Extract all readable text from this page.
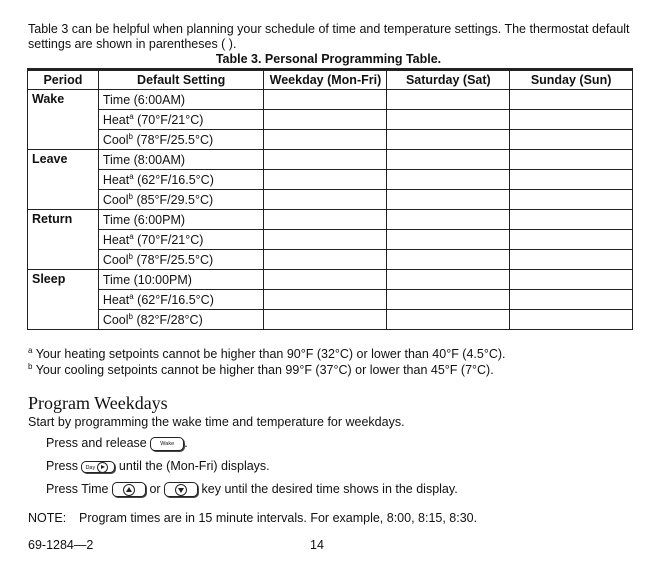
Table 3 can be helpful when planning your schedule of time and temperature settings. The thermostat default settings are shown in parentheses ( ).
Table 3. Personal Programming Table.
Period	Default Setting	Weekday (Mon-Fri)	Saturday (Sat)	Sunday (Sun)
Wake	Time (6:00AM)			
	Heat$^a$ (70°F/21°C)			
	Cool$^b$ (78°F/25.5°C)			
Leave	Time (8:00AM)			
	Heat$^a$ (62°F/16.5°C)			
	Cool$^b$ (85°F/29.5°C)			
Return	Time (6:00PM)			
	Heat$^a$ (70°F/21°C)			
	Cool$^b$ (78°F/25.5°C)			
Sleep	Time (10:00PM)			
	Heat$^a$ (62°F/16.5°C)			
	Cool$^b$ (82°F/28°C)			
$^a$ Your heating setpoints cannot be higher than 90°F (32°C) or lower than 40°F (4.5°C).
$^b$ Your cooling setpoints cannot be higher than 99°F (37°C) or lower than 45°F (7°C).
Program Weekdays
Start by programming the wake time and temperature for weekdays.
Press and release Wake .
Press Day until the (Mon-Fri) displays.
Press Time	or	key until the desired time shows in the display.
NOTE: Program times are in 15 minute intervals. For example, 8:00, 8:15, 8:30.
69-1284—2	14
